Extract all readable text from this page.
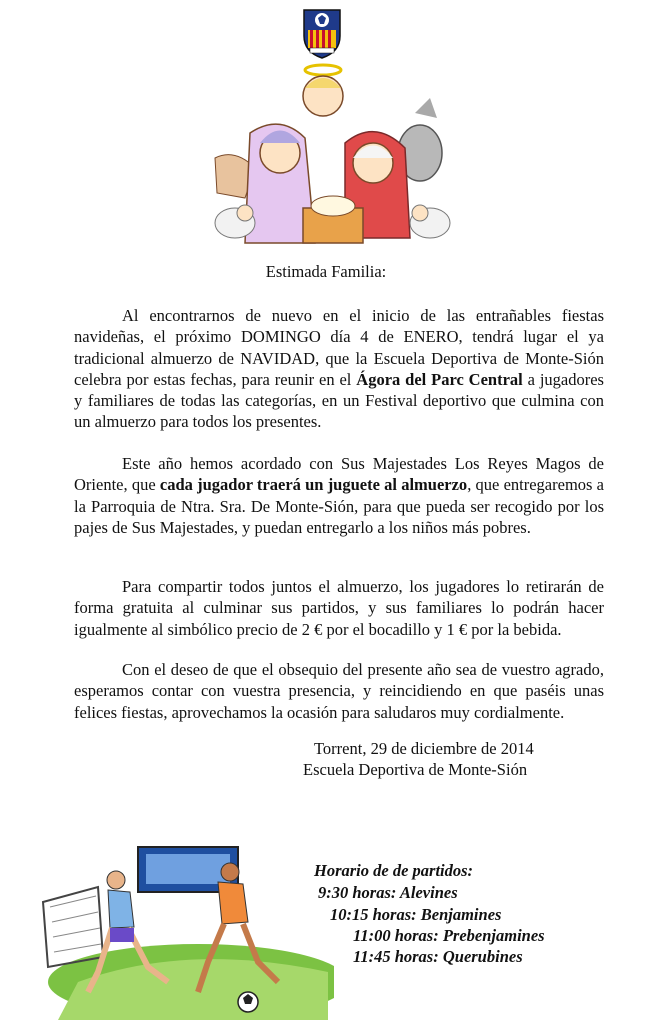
Estimada Familia:

Al encontrarnos de nuevo en el inicio de las entrañables fiestas navideñas, el próximo DOMINGO día 4 de ENERO, tendrá lugar el ya tradicional almuerzo de NAVIDAD, que la Escuela Deportiva de Monte-Sión celebra por estas fechas, para reunir en el Ágora del Parc Central a jugadores y familiares de todas las categorías, en un Festival deportivo que culmina con un almuerzo para todos los presentes.

Este año hemos acordado con Sus Majestades Los Reyes Magos de Oriente, que cada jugador traerá un juguete al almuerzo, que entregaremos a la Parroquia de Ntra. Sra. De Monte-Sión, para que pueda ser recogido por los pajes de Sus Majestades, y puedan entregarlo a los niños más pobres.

Para compartir todos juntos el almuerzo, los jugadores lo retirarán de forma gratuita al culminar sus partidos, y sus familiares lo podrán hacer igualmente al simbólico precio de 2 € por el bocadillo y 1 € por la bebida.

Con el deseo de que el obsequio del presente año sea de vuestro agrado, esperamos contar con vuestra presencia, y reincidiendo en que paséis unas felices fiestas, aprovechamos la ocasión para saludaros muy cordialmente.

Torrent, 29 de diciembre de 2014
Escuela Deportiva de Monte-Sión
Horario de de partidos:
9:30 horas: Alevines
10:15 horas: Benjamines
11:00 horas: Prebenjamines
11:45 horas: Querubines
